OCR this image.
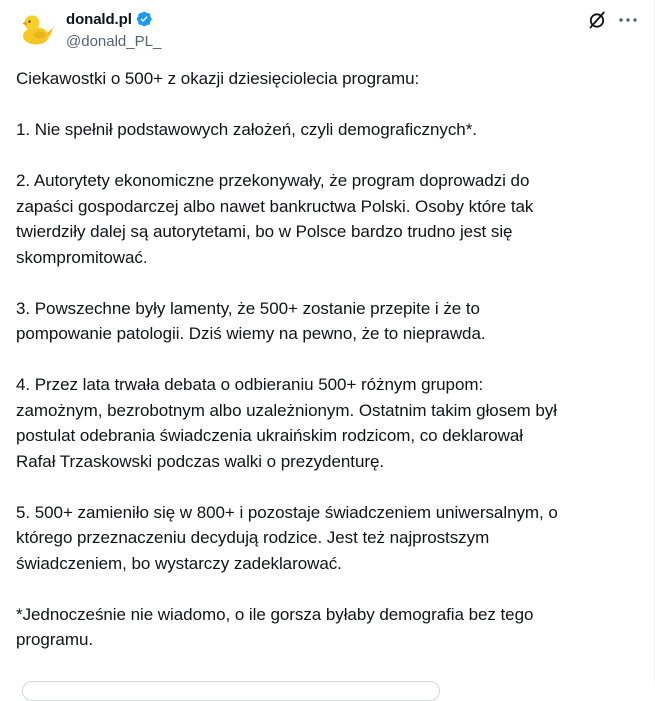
donald.pl
@donald_PL_

Ciekawostki o 500+ z okazji dziesięciolecia programu:

1. Nie spełnił podstawowych założeń, czyli demograficznych*.

2. Autorytety ekonomiczne przekonywały, że program doprowadzi do
zapaści gospodarczej albo nawet bankructwa Polski. Osoby które tak
twierdziły dalej są autorytetami, bo w Polsce bardzo trudno jest się
skompromitować.

3. Powszechne były lamenty, że 500+ zostanie przepite i że to
pompowanie patologii. Dziś wiemy na pewno, że to nieprawda.

4. Przez lata trwała debata o odbieraniu 500+ różnym grupom:
zamożnym, bezrobotnym albo uzależnionym. Ostatnim takim głosem był
postulat odebrania świadczenia ukraińskim rodzicom, co deklarował
Rafał Trzaskowski podczas walki o prezydenturę.

5. 500+ zamieniło się w 800+ i pozostaje świadczeniem uniwersalnym, o
którego przeznaczeniu decydują rodzice. Jest też najprostszym
świadczeniem, bo wystarczy zadeklarować.

*Jednocześnie nie wiadomo, o ile gorsza byłaby demografia bez tego
programu.
